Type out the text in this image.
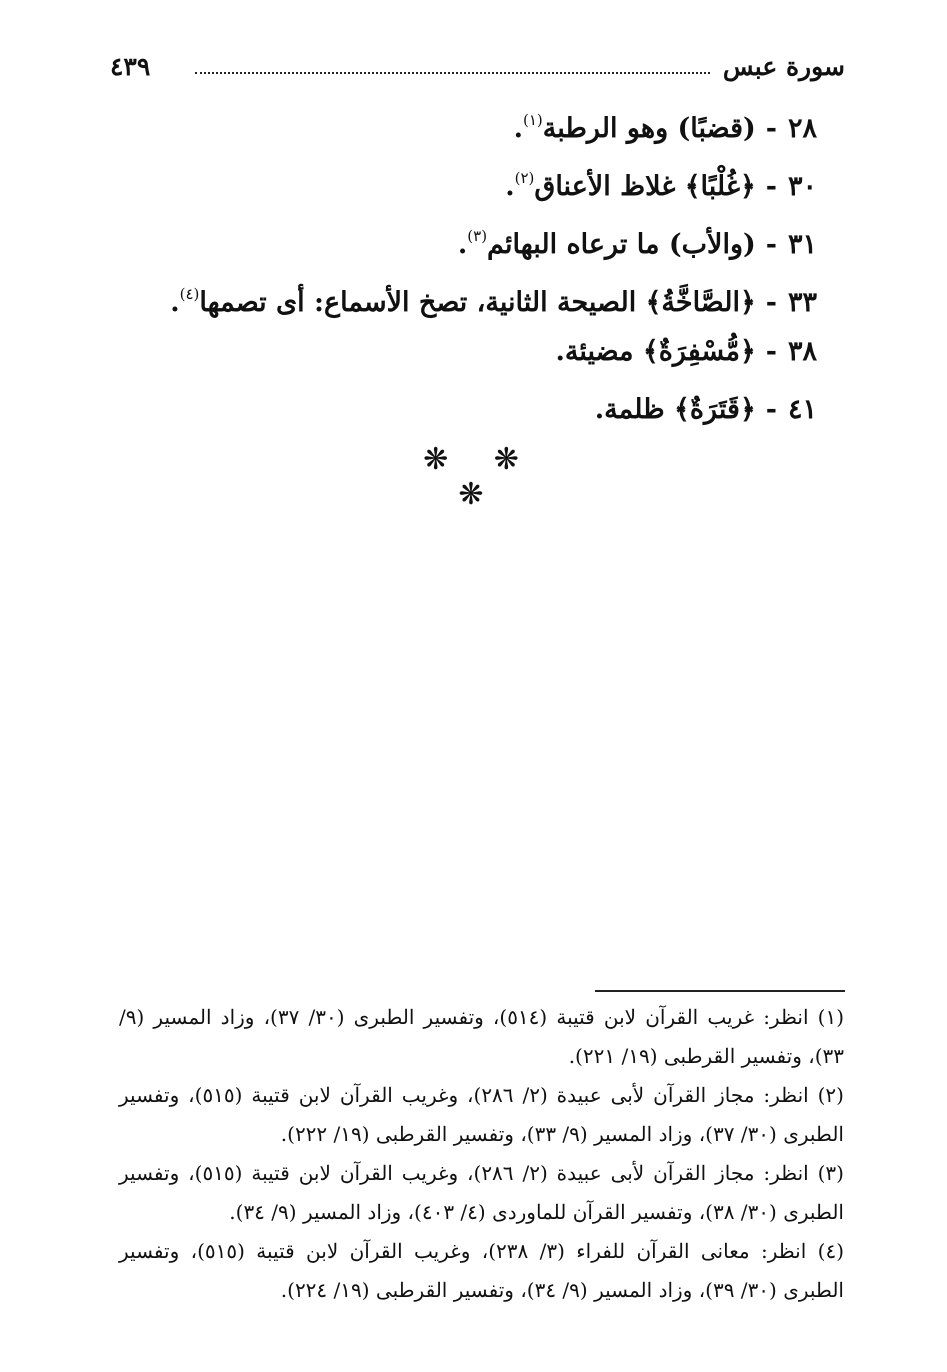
سورة عبس
٤٣٩
٢٨-(قضبًا) وهو الرطبة$^{(١)}$.
٣٠-﴿غُلْبًا﴾ غلاظ الأعناق$^{(٢)}$.
٣١-(والأب) ما ترعاه البهائم$^{(٣)}$.
٣٣-﴿الصَّاخَّةُ﴾ الصيحة الثانية، تصخ الأسماع: أى تصمها$^{(٤)}$.
٣٨-﴿مُّسْفِرَةٌ﴾ مضيئة.
٤١-﴿قَتَرَةٌ﴾ ظلمة.
❋ ❋ ❋

(١) انظر: غريب القرآن لابن قتيبة (٥١٤)، وتفسير الطبرى (٣٠/ ٣٧)، وزاد المسير (٩/ ٣٣)، وتفسير القرطبى (١٩/ ٢٢١).

(٢) انظر: مجاز القرآن لأبى عبيدة (٢/ ٢٨٦)، وغريب القرآن لابن قتيبة (٥١٥)، وتفسير الطبرى (٣٠/ ٣٧)، وزاد المسير (٩/ ٣٣)، وتفسير القرطبى (١٩/ ٢٢٢).

(٣) انظر: مجاز القرآن لأبى عبيدة (٢/ ٢٨٦)، وغريب القرآن لابن قتيبة (٥١٥)، وتفسير الطبرى (٣٠/ ٣٨)، وتفسير القرآن للماوردى (٤/ ٤٠٣)، وزاد المسير (٩/ ٣٤).

(٤) انظر: معانى القرآن للفراء (٣/ ٢٣٨)، وغريب القرآن لابن قتيبة (٥١٥)، وتفسير الطبرى (٣٠/ ٣٩)، وزاد المسير (٩/ ٣٤)، وتفسير القرطبى (١٩/ ٢٢٤).
